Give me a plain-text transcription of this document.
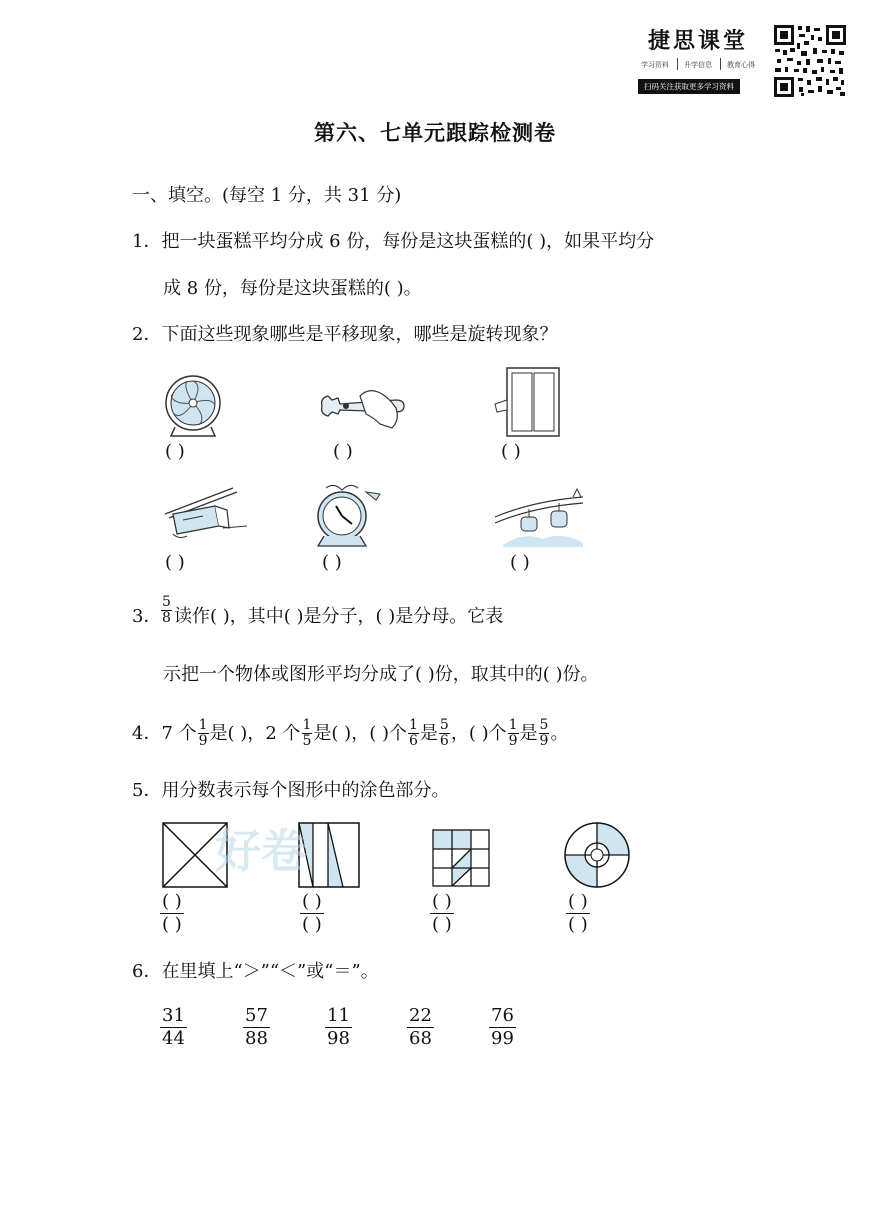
捷思课堂
学习资料 升学信息 教育心得
扫码关注获取更多学习资料
第六、七单元跟踪检测卷
一、填空。(每空 1 分，共 31 分)
1．把一块蛋糕平均分成 6 份，每份是这块蛋糕的( )，如果平均分
成 8 份，每份是这块蛋糕的( )。
2．下面这些现象哪些是平移现象，哪些是旋转现象？
( )	( )	( )
( )	( )	( )
3． $\frac{5}{8}$ 读作( )，其中( )是分子，( )是分母。它表
示把一个物体或图形平均分成了( )份，取其中的( )份。
4． 7 个 $\frac{1}{9}$ 是( )，2 个 $\frac{1}{5}$ 是( )，( )个 $\frac{1}{6}$ 是 $\frac{5}{6}$ ，( )个 $\frac{1}{9}$ 是 $\frac{5}{9}$ 。
5．用分数表示每个图形中的涂色部分。
( )
( )
( )
( )
( )
( )
( )
( )
好卷
6．在里填上“＞”“＜”或“＝”。
$\frac{31}{44}$	$\frac{57}{88}$	$\frac{11}{98}$	$\frac{22}{68}$	$\frac{76}{99}$
